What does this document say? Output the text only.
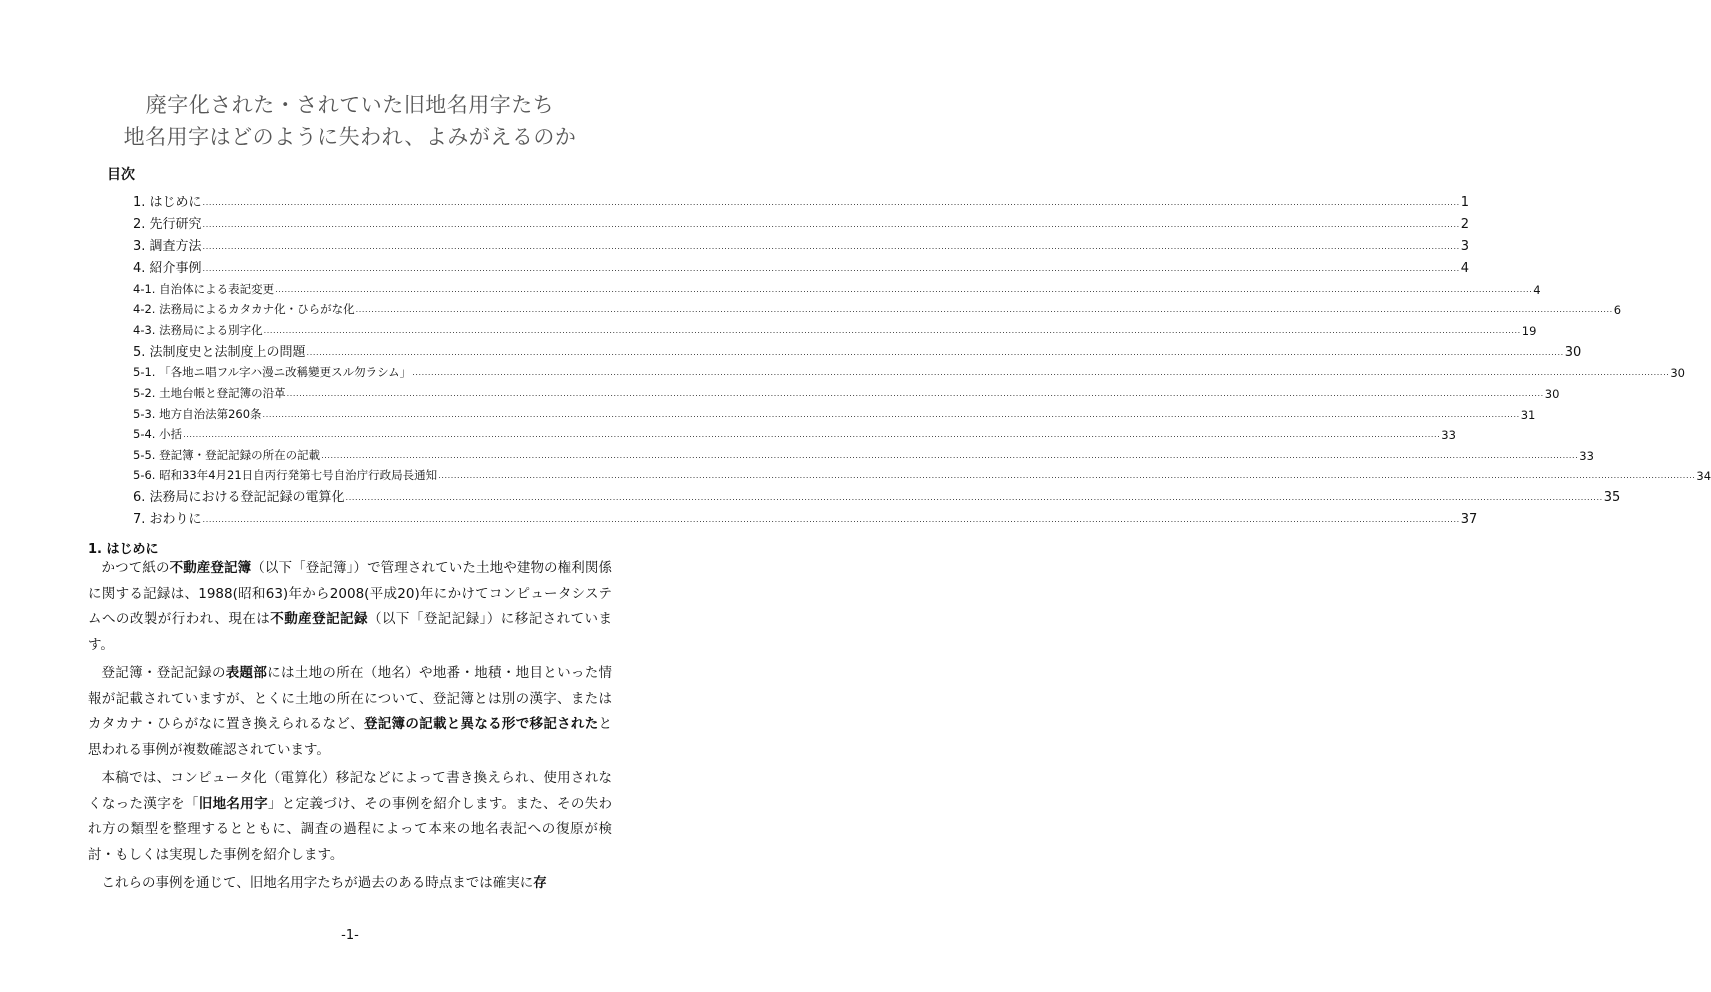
廃字化された・されていた旧地名用字たち
地名用字はどのように失われ、よみがえるのか
目次
1. はじめに ................................................................................................................................................................................................................................................................................................................................................................................................................ 1
2. 先行研究 ................................................................................................................................................................................................................................................................................................................................................................................................................ 2
3. 調査方法 ................................................................................................................................................................................................................................................................................................................................................................................................................ 3
4. 紹介事例 ................................................................................................................................................................................................................................................................................................................................................................................................................ 4
4-1. 自治体による表記変更 ................................................................................................................................................................................................................................................................................................................................................................................................................ 4
4-2. 法務局によるカタカナ化・ひらがな化 ................................................................................................................................................................................................................................................................................................................................................................................................................ 6
4-3. 法務局による別字化 ................................................................................................................................................................................................................................................................................................................................................................................................................ 19
5. 法制度史と法制度上の問題 ................................................................................................................................................................................................................................................................................................................................................................................................................ 30
5-1. 「各地ニ唱フル字ハ漫ニ改稱變更スル勿ラシム」 ................................................................................................................................................................................................................................................................................................................................................................................................................ 30
5-2. 土地台帳と登記簿の沿革 ................................................................................................................................................................................................................................................................................................................................................................................................................ 30
5-3. 地方自治法第260条 ................................................................................................................................................................................................................................................................................................................................................................................................................ 31
5-4. 小括 ................................................................................................................................................................................................................................................................................................................................................................................................................ 33
5-5. 登記簿・登記記録の所在の記載 ................................................................................................................................................................................................................................................................................................................................................................................................................ 33
5-6. 昭和33年4月21日自丙行発第七号自治庁行政局長通知 ................................................................................................................................................................................................................................................................................................................................................................................................................ 34
6. 法務局における登記記録の電算化 ................................................................................................................................................................................................................................................................................................................................................................................................................ 35
7. おわりに ................................................................................................................................................................................................................................................................................................................................................................................................................ 37
1. はじめに

かつて紙の不動産登記簿（以下「登記簿」）で管理されていた土地や建物の権利関係に関する記録は、1988(昭和63)年から2008(平成20)年にかけてコンピュータシステムへの改製が行われ、現在は不動産登記記録（以下「登記記録」）に移記されています。

登記簿・登記記録の表題部には土地の所在（地名）や地番・地積・地目といった情報が記載されていますが、とくに土地の所在について、登記簿とは別の漢字、またはカタカナ・ひらがなに置き換えられるなど、登記簿の記載と異なる形で移記されたと思われる事例が複数確認されています。

本稿では、コンピュータ化（電算化）移記などによって書き換えられ、使用されなくなった漢字を「旧地名用字」と定義づけ、その事例を紹介します。また、その失われ方の類型を整理するとともに、調査の過程によって本来の地名表記への復原が検討・もしくは実現した事例を紹介します。

これらの事例を通じて、旧地名用字たちが過去のある時点までは確実に存

-1-
